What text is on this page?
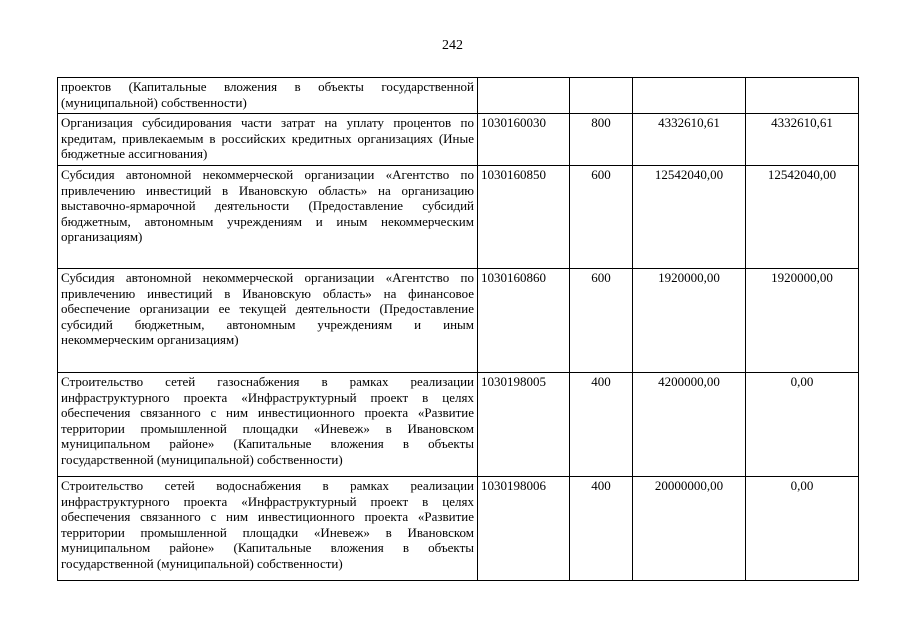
242
проектов (Капитальные вложения в объекты государственной (муниципальной) собственности)				
Организация субсидирования части затрат на уплату процентов по кредитам, привлекаемым в российских кредитных организациях (Иные бюджетные ассигнования)	1030160030	800	4332610,61	4332610,61
Субсидия автономной некоммерческой организации «Агентство по привлечению инвестиций в Ивановскую область» на организацию выставочно-ярмарочной деятельности (Предоставление субсидий бюджетным, автономным учреждениям и иным некоммерческим организациям)	1030160850	600	12542040,00	12542040,00
Субсидия автономной некоммерческой организации «Агентство по привлечению инвестиций в Ивановскую область» на финансовое обеспечение организации ее текущей деятельности (Предоставление субсидий бюджетным, автономным учреждениям и иным некоммерческим организациям)	1030160860	600	1920000,00	1920000,00
Строительство сетей газоснабжения в рамках реализации инфраструктурного проекта «Инфраструктурный проект в целях обеспечения связанного с ним инвестиционного проекта «Развитие территории промышленной площадки «Иневеж» в Ивановском муниципальном районе» (Капитальные вложения в объекты государственной (муниципальной) собственности)	1030198005	400	4200000,00	0,00
Строительство сетей водоснабжения в рамках реализации инфраструктурного проекта «Инфраструктурный проект в целях обеспечения связанного с ним инвестиционного проекта «Развитие территории промышленной площадки «Иневеж» в Ивановском муниципальном районе» (Капитальные вложения в объекты государственной (муниципальной) собственности)	1030198006	400	20000000,00	0,00
